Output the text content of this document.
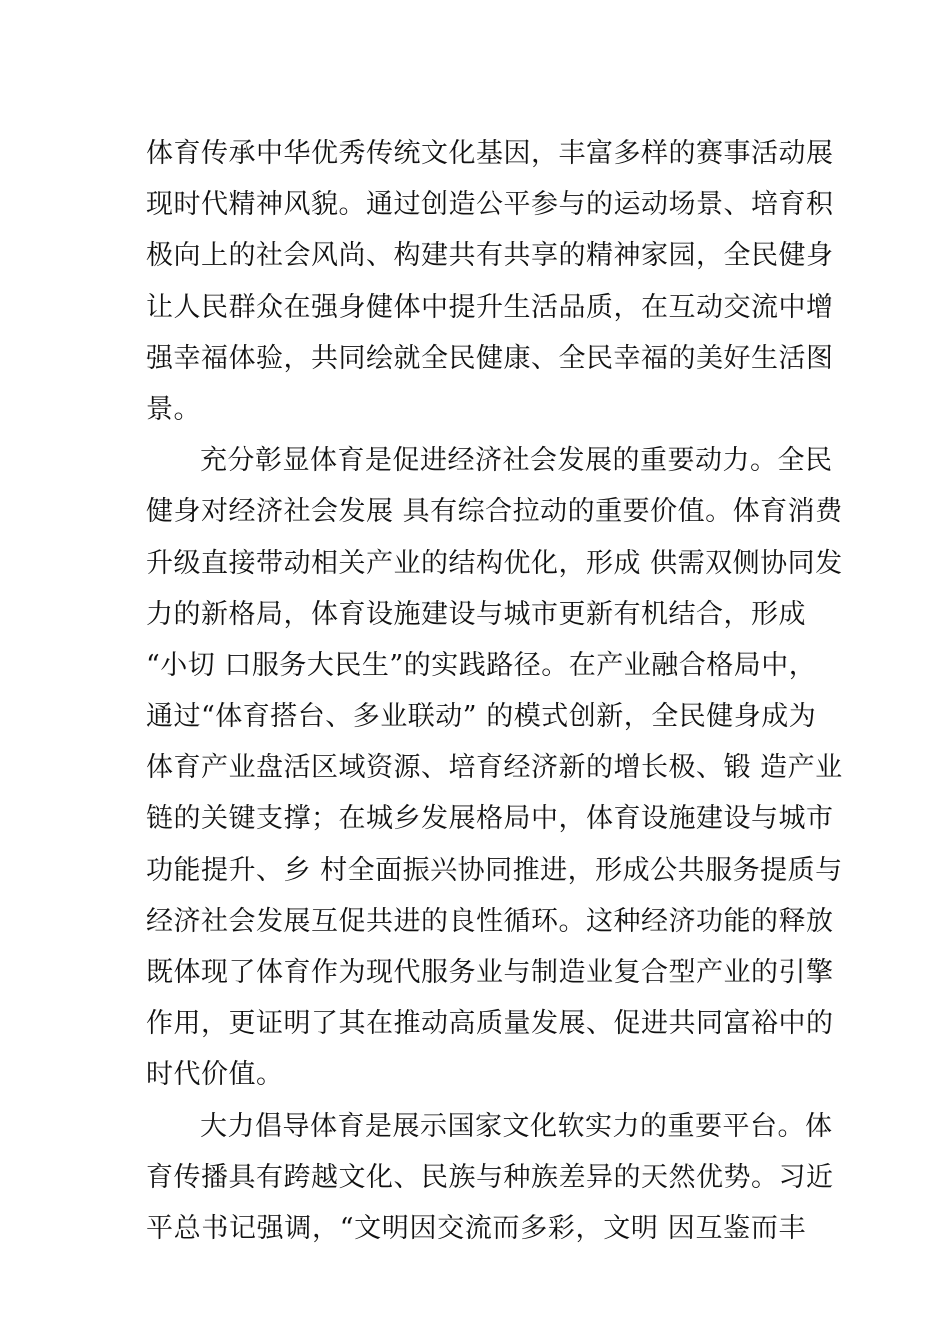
体育传承中华优秀传统文化基因，丰富多样的赛事活动展
现时代精神风貌。通过创造公平参与的运动场景、培育积
极向上的社会风尚、构建共有共享的精神家园，全民健身
让人民群众在强身健体中提升生活品质，在互动交流中增
强幸福体验，共同绘就全民健康、全民幸福的美好生活图
景。
充分彰显体育是促进经济社会发展的重要动力。全民
健身对经济社会发展 具有综合拉动的重要价值。体育消费
升级直接带动相关产业的结构优化，形成 供需双侧协同发
力的新格局，体育设施建设与城市更新有机结合，形成
“小切 口服务大民生”的实践路径。在产业融合格局中，
通过“体育搭台、多业联动” 的模式创新，全民健身成为
体育产业盘活区域资源、培育经济新的增长极、锻 造产业
链的关键支撑；在城乡发展格局中，体育设施建设与城市
功能提升、乡 村全面振兴协同推进，形成公共服务提质与
经济社会发展互促共进的良性循环。这种经济功能的释放
既体现了体育作为现代服务业与制造业复合型产业的引擎
作用，更证明了其在推动高质量发展、促进共同富裕中的
时代价值。
大力倡导体育是展示国家文化软实力的重要平台。体
育传播具有跨越文化、民族与种族差异的天然优势。习近
平总书记强调，“文明因交流而多彩，文明 因互鉴而丰
